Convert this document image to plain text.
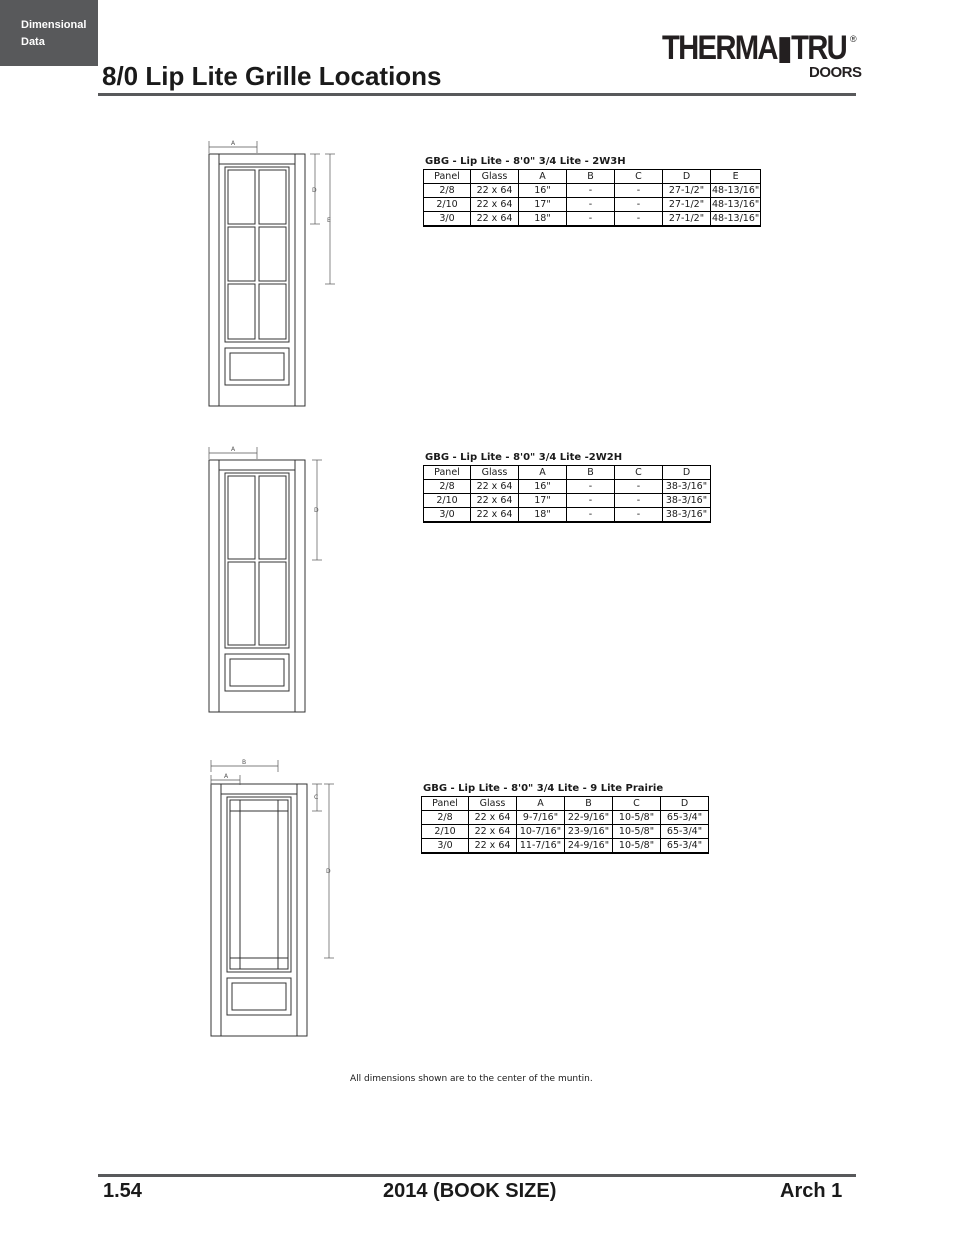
Dimensional
Data
8/0 Lip Lite Grille Locations
THERMA▮TRU ®
DOORS
A
D
E
A
D
B
A
C
D
GBG - Lip Lite - 8'0" 3/4 Lite - 2W3H
Panel	Glass	A	B	C	D	E
2/8	22 x 64	16"	-	-	27-1/2"	48-13/16"
2/10	22 x 64	17"	-	-	27-1/2"	48-13/16"
3/0	22 x 64	18"	-	-	27-1/2"	48-13/16"
GBG - Lip Lite - 8'0" 3/4 Lite -2W2H
Panel	Glass	A	B	C	D
2/8	22 x 64	16"	-	-	38-3/16"
2/10	22 x 64	17"	-	-	38-3/16"
3/0	22 x 64	18"	-	-	38-3/16"
GBG - Lip Lite - 8'0" 3/4 Lite - 9 Lite Prairie
Panel	Glass	A	B	C	D
2/8	22 x 64	9-7/16"	22-9/16"	10-5/8"	65-3/4"
2/10	22 x 64	10-7/16"	23-9/16"	10-5/8"	65-3/4"
3/0	22 x 64	11-7/16"	24-9/16"	10-5/8"	65-3/4"
All dimensions shown are to the center of the muntin.
1.54	2014 (BOOK SIZE)	Arch 1
